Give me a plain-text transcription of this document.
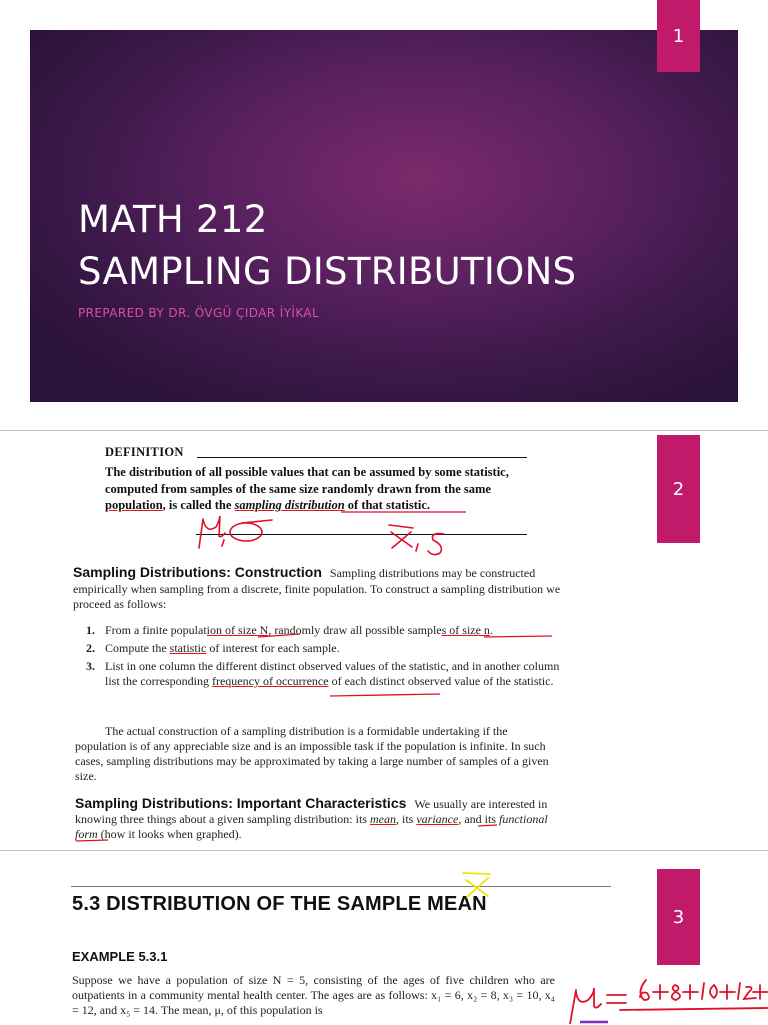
MATH 212
SAMPLING DISTRIBUTIONS

PREPARED BY DR. ÖVGÜ ÇIDAR İYİKAL

1
DEFINITION
The distribution of all possible values that can be assumed by some statistic, computed from samples of the same size randomly drawn from the same population, is called the sampling distribution of that statistic.
Sampling Distributions: Construction Sampling distributions may be constructed empirically when sampling from a discrete, finite population. To construct a sampling distribution we proceed as follows:
1. From a finite population of size N, randomly draw all possible samples of size n.
2. Compute the statistic of interest for each sample.
3. List in one column the different distinct observed values of the statistic, and in another column list the corresponding frequency of occurrence of each distinct observed value of the statistic.
The actual construction of a sampling distribution is a formidable undertaking if the population is of any appreciable size and is an impossible task if the population is infinite. In such cases, sampling distributions may be approximated by taking a large number of samples of a given size.
Sampling Distributions: Important Characteristics We usually are interested in knowing three things about a given sampling distribution: its mean, its variance, and its functional form (how it looks when graphed).
2
5.3 DISTRIBUTION OF THE SAMPLE MEAN
EXAMPLE 5.3.1
Suppose we have a population of size N = 5, consisting of the ages of five children who are outpatients in a community mental health center. The ages are as follows: x₁ = 6, x₂ = 8, x₃ = 10, x₄ = 12, and x₅ = 14. The mean, μ, of this population is
3
